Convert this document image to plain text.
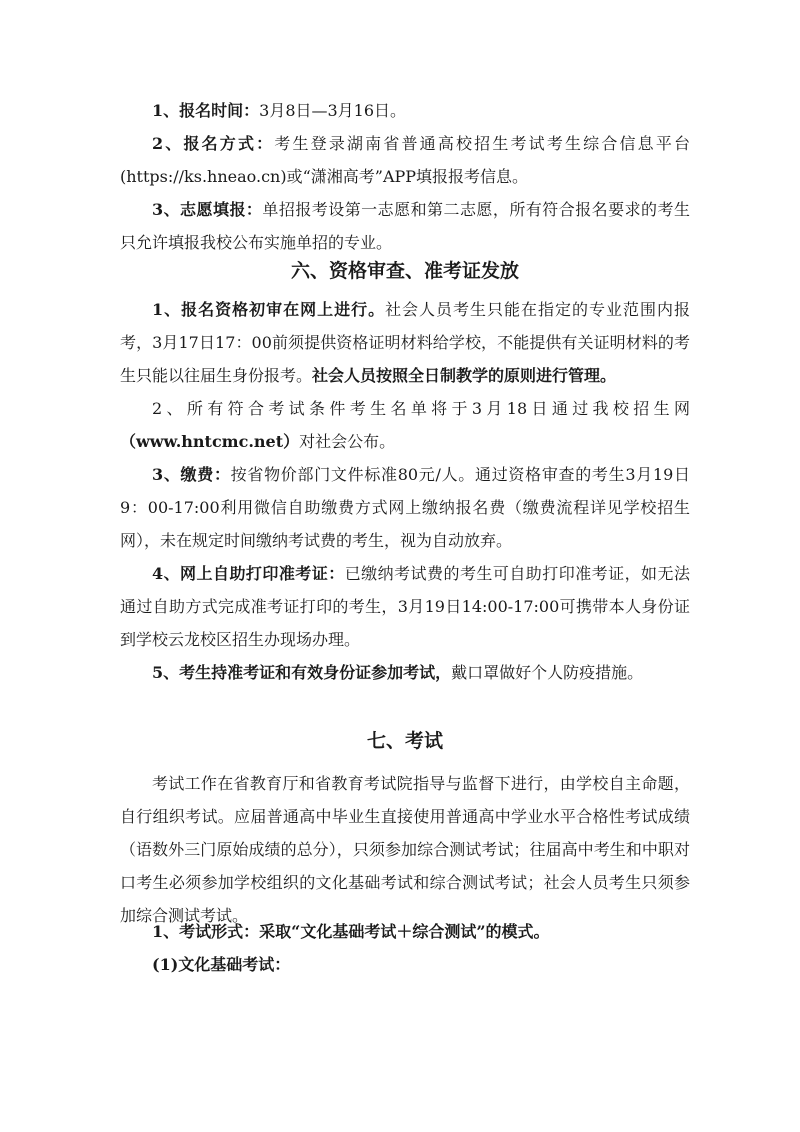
1、报名时间：3月8日—3月16日。

2、报名方式：考生登录湖南省普通高校招生考试考生综合信息平台(https://ks.hneao.cn)或“潇湘高考”APP填报报考信息。

3、志愿填报：单招报考设第一志愿和第二志愿，所有符合报名要求的考生只允许填报我校公布实施单招的专业。

六、资格审查、准考证发放

1、报名资格初审在网上进行。社会人员考生只能在指定的专业范围内报考，3月17日17：00前须提供资格证明材料给学校，不能提供有关证明材料的考生只能以往届生身份报考。社会人员按照全日制教学的原则进行管理。

2、所有符合考试条件考生名单将于3月18日通过我校招生网（www.hntcmc.net）对社会公布。

3、缴费：按省物价部门文件标准80元/人。通过资格审查的考生3月19日9：00-17:00利用微信自助缴费方式网上缴纳报名费（缴费流程详见学校招生网），未在规定时间缴纳考试费的考生，视为自动放弃。

4、网上自助打印准考证：已缴纳考试费的考生可自助打印准考证，如无法通过自助方式完成准考证打印的考生，3月19日14:00-17:00可携带本人身份证到学校云龙校区招生办现场办理。

5、考生持准考证和有效身份证参加考试，戴口罩做好个人防疫措施。

七、考试

考试工作在省教育厅和省教育考试院指导与监督下进行，由学校自主命题，自行组织考试。应届普通高中毕业生直接使用普通高中学业水平合格性考试成绩（语数外三门原始成绩的总分），只须参加综合测试考试；往届高中考生和中职对口考生必须参加学校组织的文化基础考试和综合测试考试；社会人员考生只须参加综合测试考试。

1、考试形式：采取“文化基础考试＋综合测试”的模式。

(1)文化基础考试：
